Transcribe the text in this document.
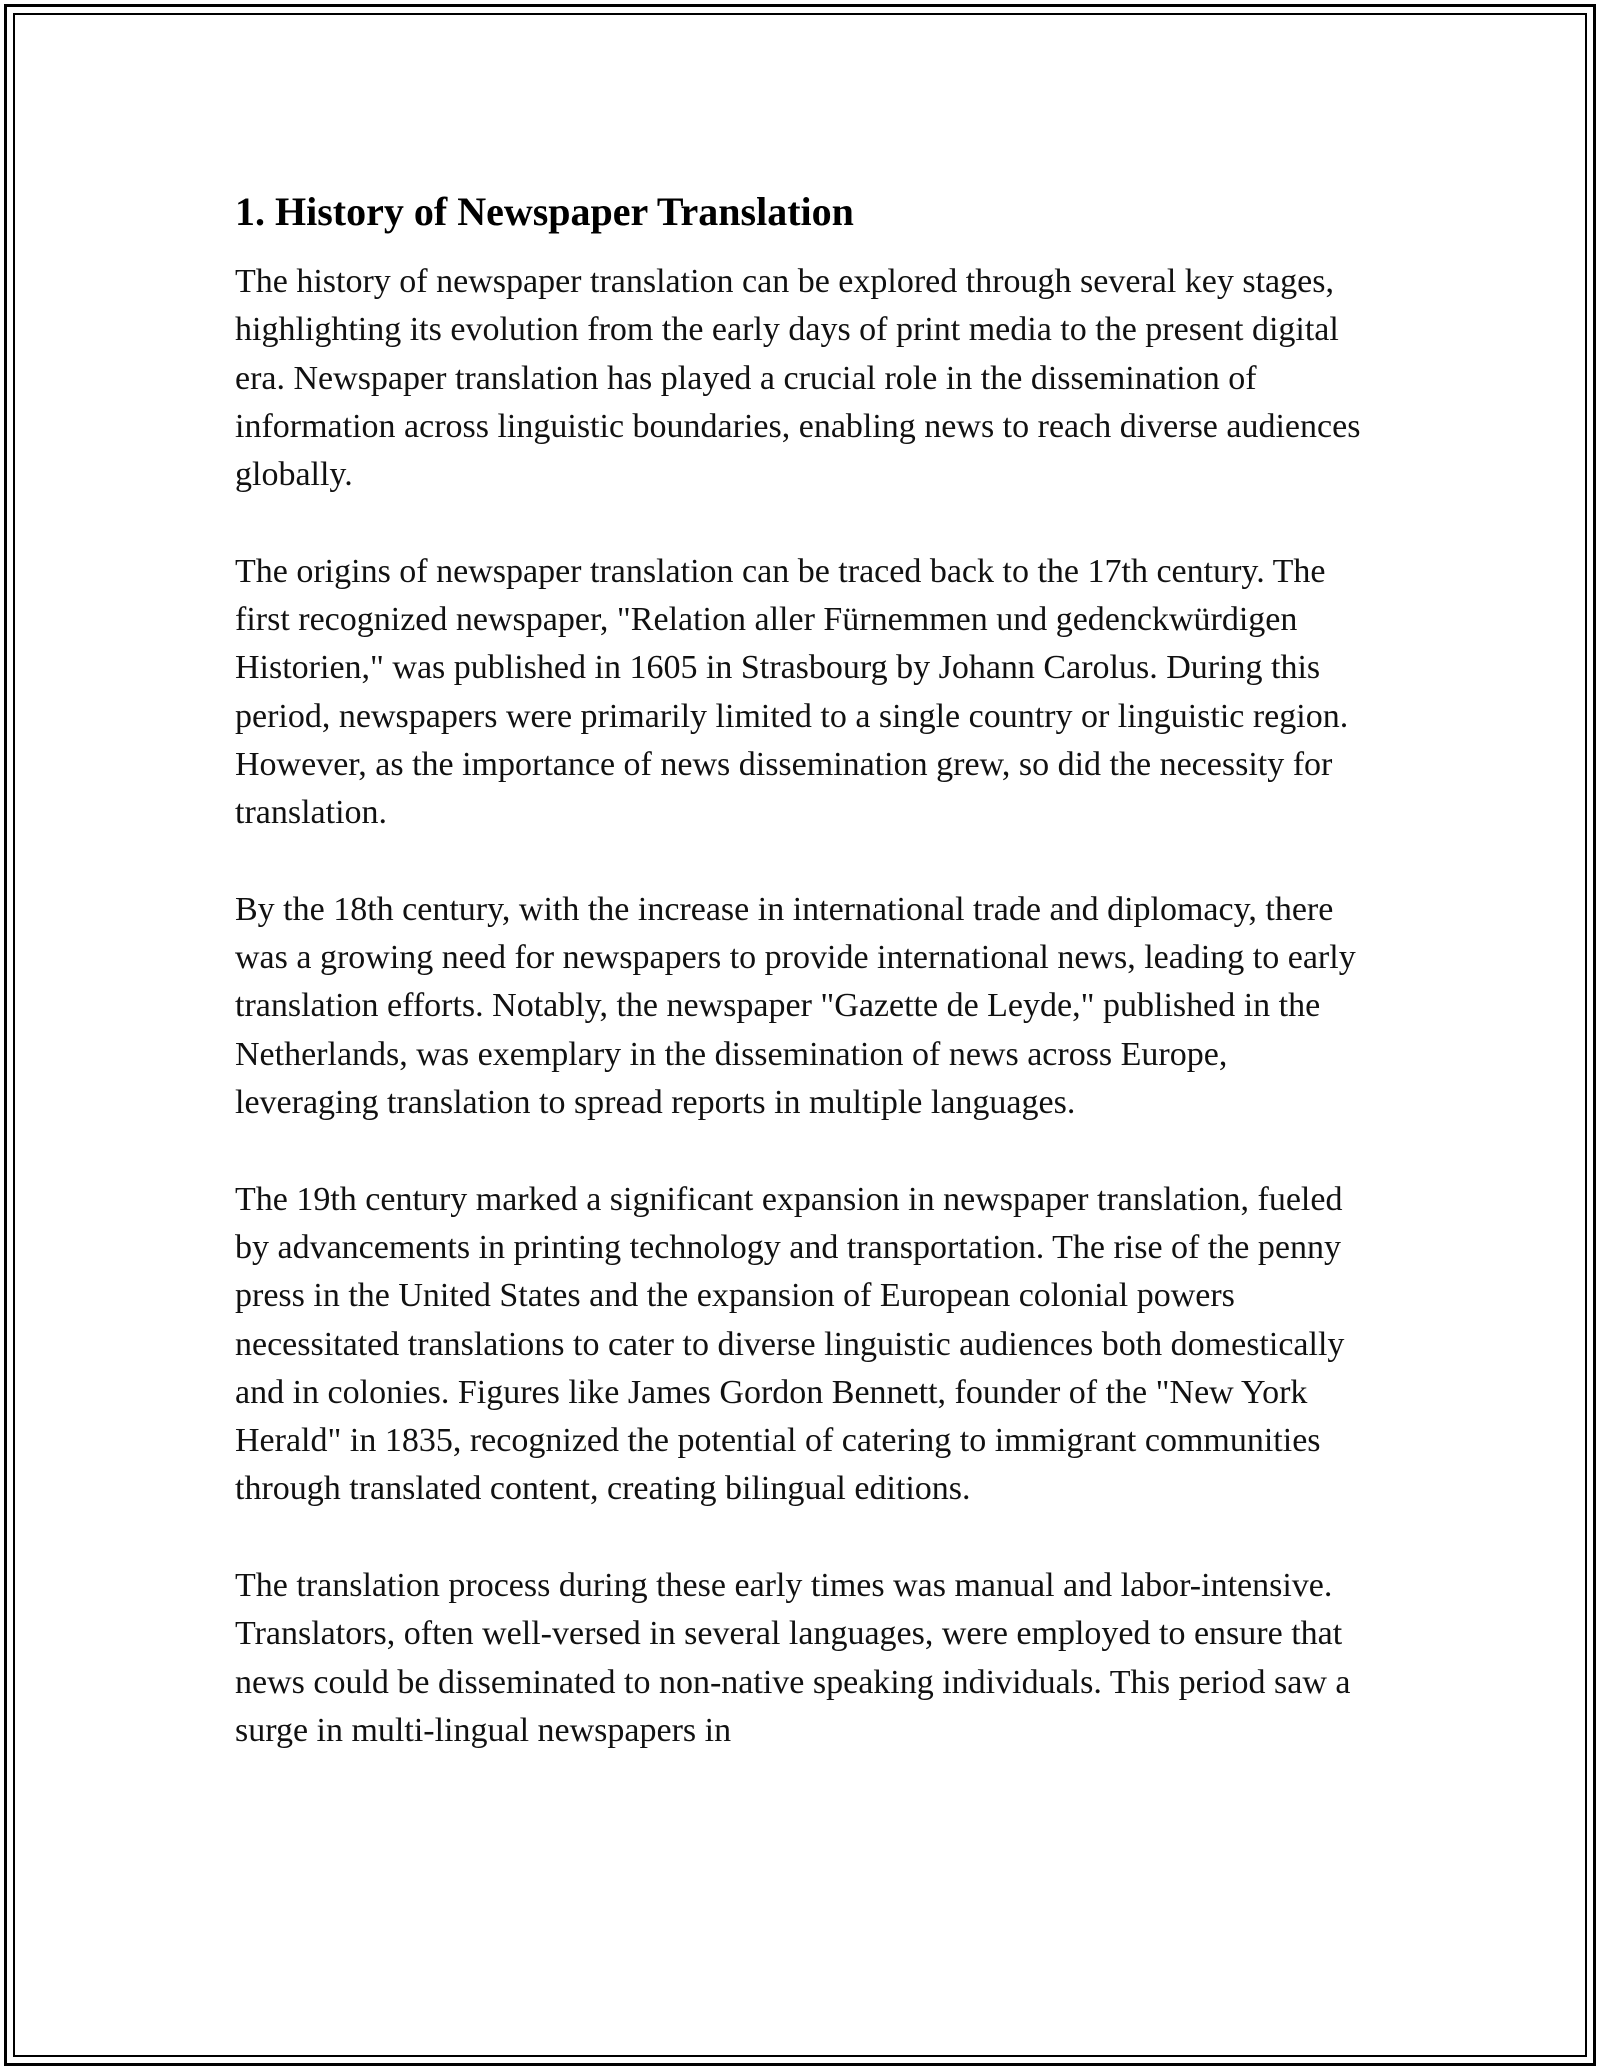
1. History of Newspaper Translation

The history of newspaper translation can be explored through several key stages, highlighting its evolution from the early days of print media to the present digital era. Newspaper translation has played a crucial role in the dissemination of information across linguistic boundaries, enabling news to reach diverse audiences globally.

The origins of newspaper translation can be traced back to the 17th century. The first recognized newspaper, "Relation aller Fürnemmen und gedenckwürdigen Historien," was published in 1605 in Strasbourg by Johann Carolus. During this period, newspapers were primarily limited to a single country or linguistic region. However, as the importance of news dissemination grew, so did the necessity for translation.

By the 18th century, with the increase in international trade and diplomacy, there was a growing need for newspapers to provide international news, leading to early translation efforts. Notably, the newspaper "Gazette de Leyde," published in the Netherlands, was exemplary in the dissemination of news across Europe, leveraging translation to spread reports in multiple languages.

The 19th century marked a significant expansion in newspaper translation, fueled by advancements in printing technology and transportation. The rise of the penny press in the United States and the expansion of European colonial powers necessitated translations to cater to diverse linguistic audiences both domestically and in colonies. Figures like James Gordon Bennett, founder of the "New York Herald" in 1835, recognized the potential of catering to immigrant communities through translated content, creating bilingual editions.

The translation process during these early times was manual and labor-intensive. Translators, often well-versed in several languages, were employed to ensure that news could be disseminated to non-native speaking individuals. This period saw a surge in multi-lingual newspapers in
